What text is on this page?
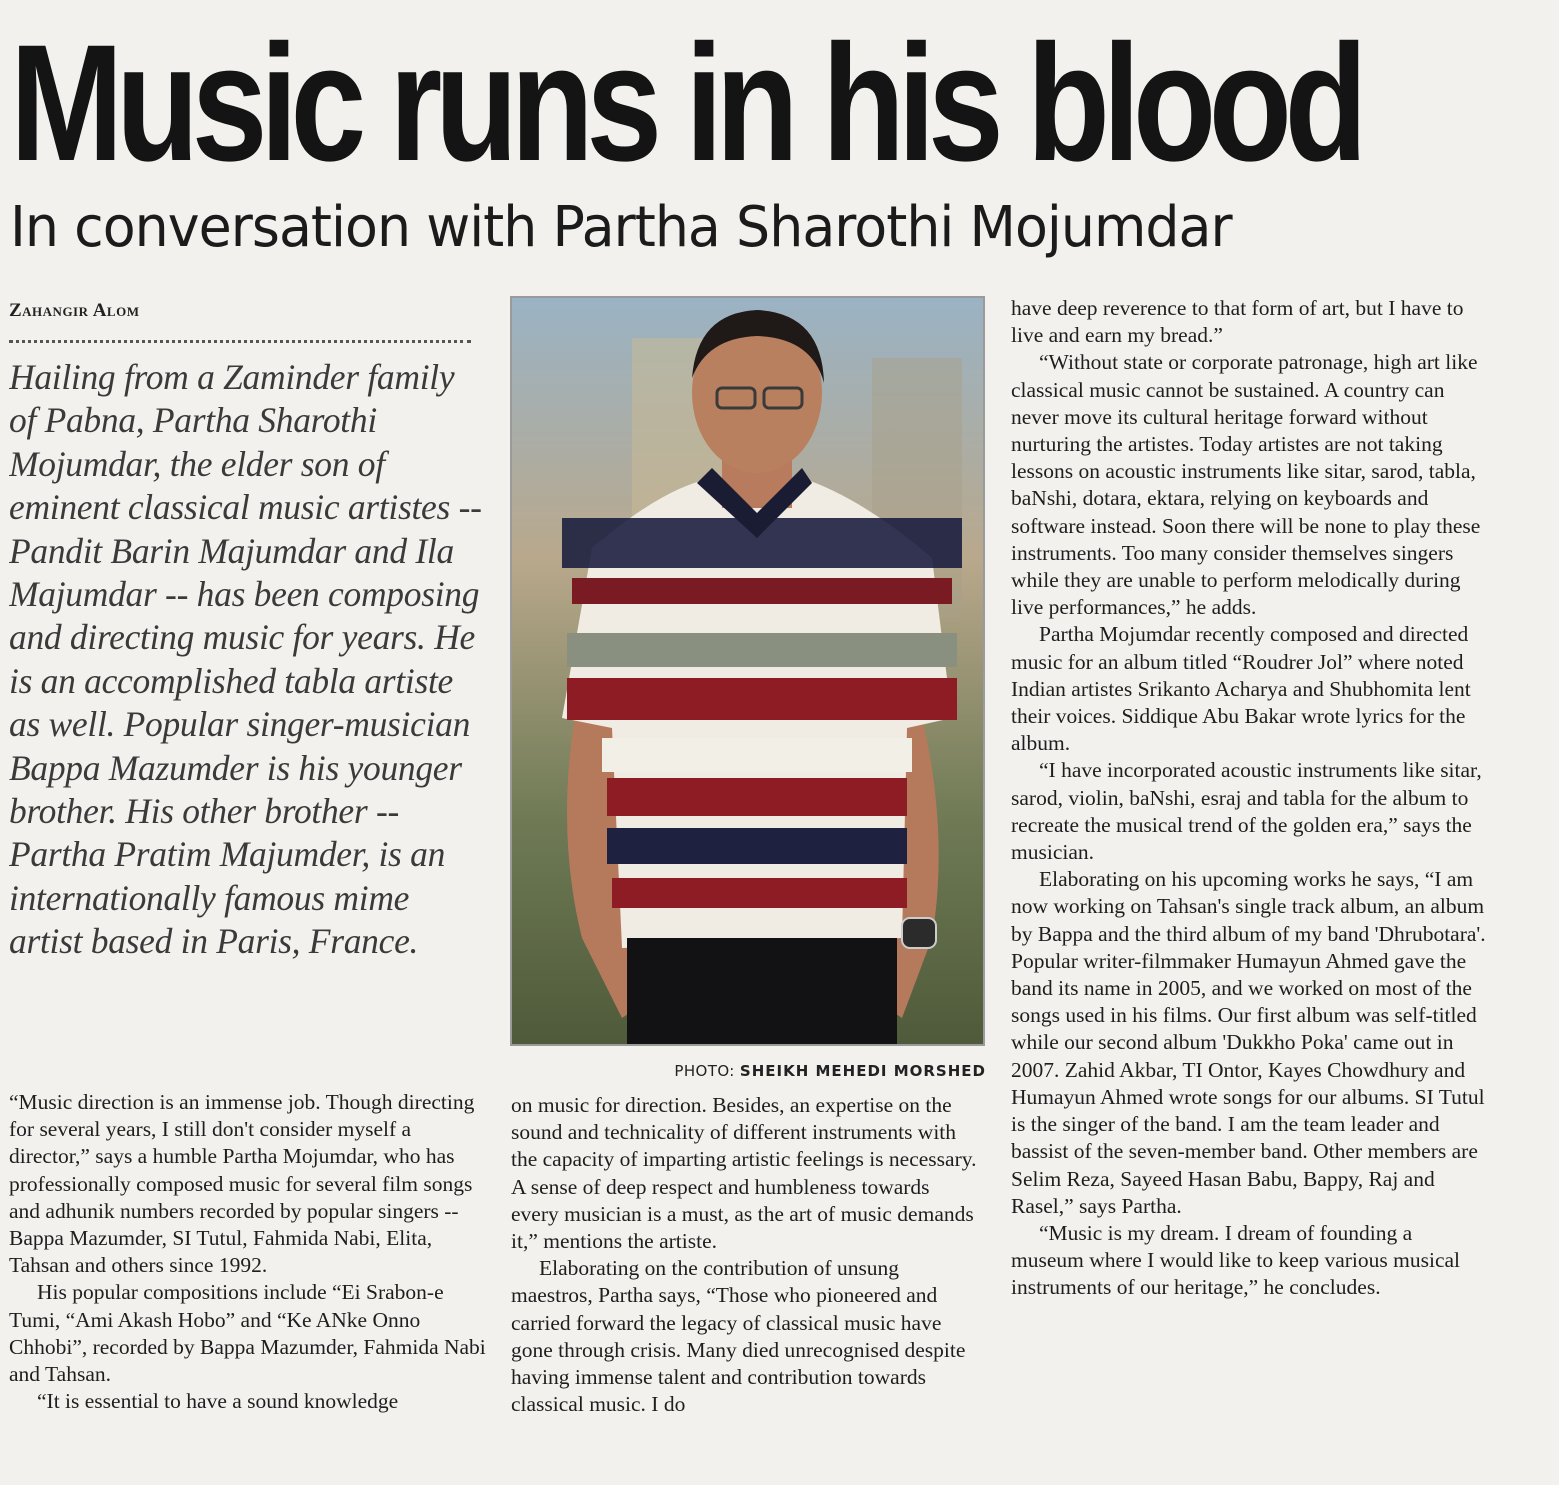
Music runs in his blood
In conversation with Partha Sharothi Mojumdar
Zahangir Alom

Hailing from a Zaminder family of Pabna, Partha Sharothi Mojumdar, the elder son of eminent classical music artistes -- Pandit Barin Majumdar and Ila Majumdar -- has been composing and directing music for years. He is an accomplished tabla artiste as well. Popular singer-musician Bappa Mazumder is his younger brother. His other brother -- Partha Pratim Majumder, is an internationally famous mime artist based in Paris, France.

PHOTO: SHEIKH MEHEDI MORSHED

“Music direction is an immense job. Though directing for several years, I still don't consider myself a director,” says a humble Partha Mojumdar, who has professionally composed music for several film songs and adhunik numbers recorded by popular singers -- Bappa Mazumder, SI Tutul, Fahmida Nabi, Elita, Tahsan and others since 1992.

His popular compositions include “Ei Srabon-e Tumi, “Ami Akash Hobo” and “Ke ANke Onno Chhobi”, recorded by Bappa Mazumder, Fahmida Nabi and Tahsan.

“It is essential to have a sound knowledge

on music for direction. Besides, an expertise on the sound and technicality of different instruments with the capacity of imparting artistic feelings is necessary. A sense of deep respect and humbleness towards every musician is a must, as the art of music demands it,” mentions the artiste.

Elaborating on the contribution of unsung maestros, Partha says, “Those who pioneered and carried forward the legacy of classical music have gone through crisis. Many died unrecognised despite having immense talent and contribution towards classical music. I do

have deep reverence to that form of art, but I have to live and earn my bread.”

“Without state or corporate patronage, high art like classical music cannot be sustained. A country can never move its cultural heritage forward without nurturing the artistes. Today artistes are not taking lessons on acoustic instruments like sitar, sarod, tabla, baNshi, dotara, ektara, relying on keyboards and software instead. Soon there will be none to play these instruments. Too many consider themselves singers while they are unable to perform melodically during live performances,” he adds.

Partha Mojumdar recently composed and directed music for an album titled “Roudrer Jol” where noted Indian artistes Srikanto Acharya and Shubhomita lent their voices. Siddique Abu Bakar wrote lyrics for the album.

“I have incorporated acoustic instruments like sitar, sarod, violin, baNshi, esraj and tabla for the album to recreate the musical trend of the golden era,” says the musician.

Elaborating on his upcoming works he says, “I am now working on Tahsan's single track album, an album by Bappa and the third album of my band 'Dhrubotara'. Popular writer-filmmaker Humayun Ahmed gave the band its name in 2005, and we worked on most of the songs used in his films. Our first album was self-titled while our second album 'Dukkho Poka' came out in 2007. Zahid Akbar, TI Ontor, Kayes Chowdhury and Humayun Ahmed wrote songs for our albums. SI Tutul is the singer of the band. I am the team leader and bassist of the seven-member band. Other members are Selim Reza, Sayeed Hasan Babu, Bappy, Raj and Rasel,” says Partha.

“Music is my dream. I dream of founding a museum where I would like to keep various musical instruments of our heritage,” he concludes.
